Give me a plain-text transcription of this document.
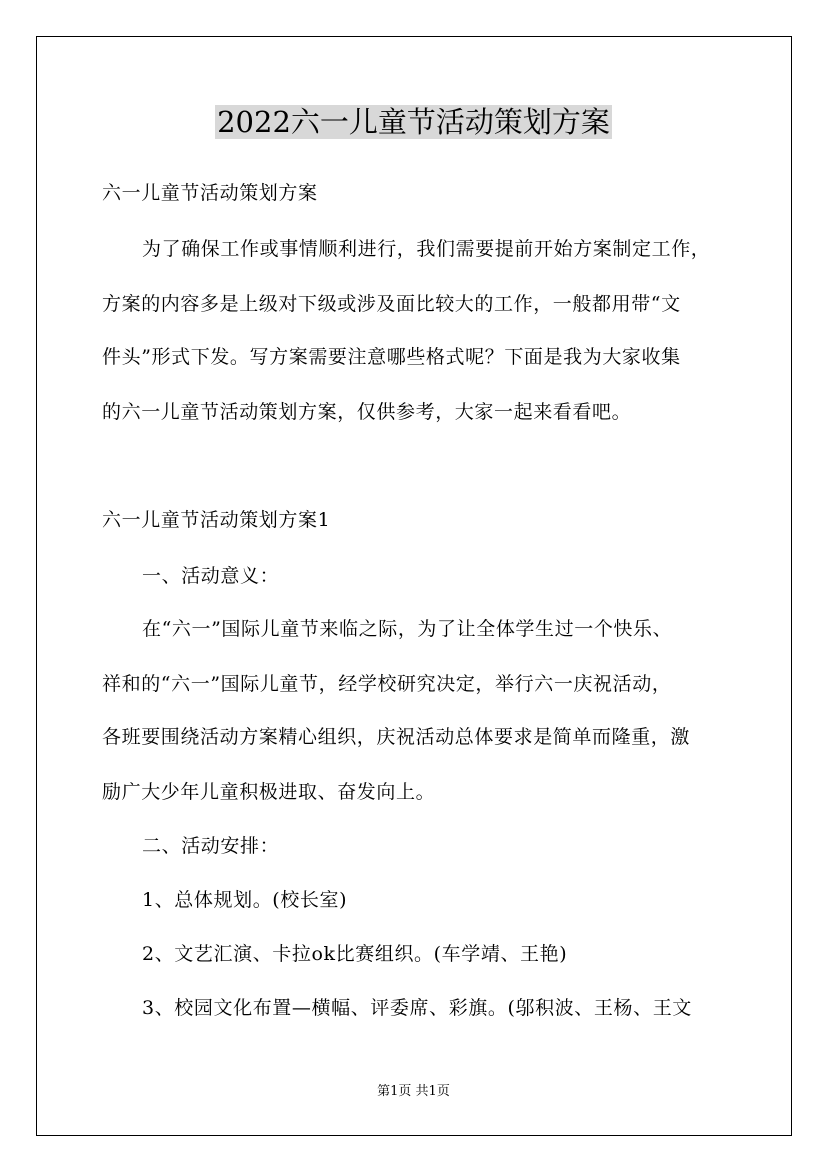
2022六一儿童节活动策划方案
六一儿童节活动策划方案
为了确保工作或事情顺利进行，我们需要提前开始方案制定工作，
方案的内容多是上级对下级或涉及面比较大的工作，一般都用带“文
件头”形式下发。写方案需要注意哪些格式呢？下面是我为大家收集
的六一儿童节活动策划方案，仅供参考，大家一起来看看吧。
六一儿童节活动策划方案1
一、活动意义：
在“六一”国际儿童节来临之际，为了让全体学生过一个快乐、
祥和的“六一”国际儿童节，经学校研究决定，举行六一庆祝活动，
各班要围绕活动方案精心组织，庆祝活动总体要求是简单而隆重，激
励广大少年儿童积极进取、奋发向上。
二、活动安排：
1、总体规划。(校长室)
2、文艺汇演、卡拉ok比赛组织。(车学靖、王艳)
3、校园文化布置—横幅、评委席、彩旗。(邬积波、王杨、王文
第1页 共1页
